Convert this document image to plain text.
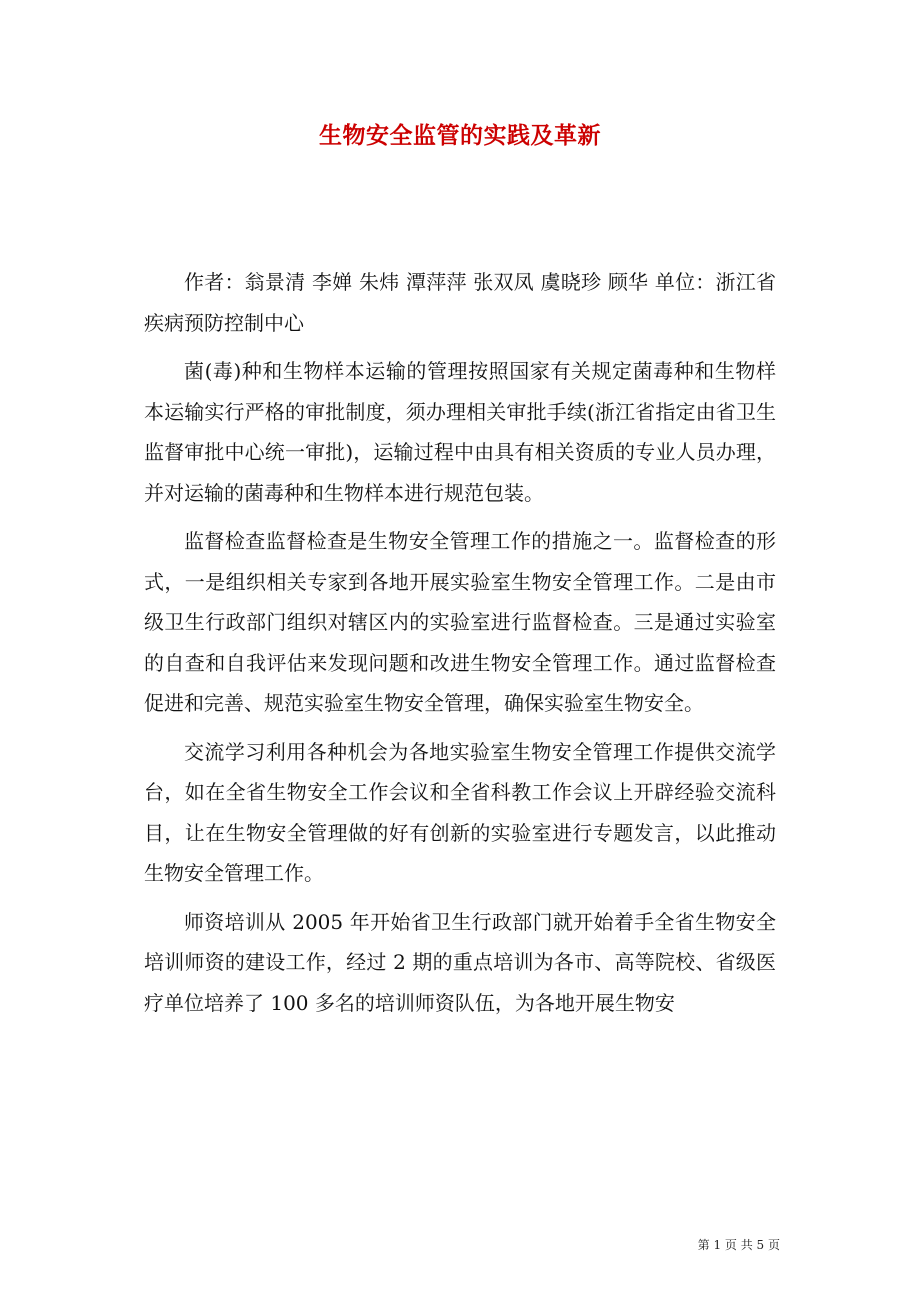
生物安全监管的实践及革新

作者：翁景清 李婵 朱炜 潭萍萍 张双凤 虞晓珍 顾华 单位：浙江省疾病预防控制中心

菌(毒)种和生物样本运输的管理按照国家有关规定菌毒种和生物样本运输实行严格的审批制度，须办理相关审批手续(浙江省指定由省卫生监督审批中心统一审批)，运输过程中由具有相关资质的专业人员办理，并对运输的菌毒种和生物样本进行规范包装。

监督检查监督检查是生物安全管理工作的措施之一。监督检查的形式，一是组织相关专家到各地开展实验室生物安全管理工作。二是由市级卫生行政部门组织对辖区内的实验室进行监督检查。三是通过实验室的自查和自我评估来发现问题和改进生物安全管理工作。通过监督检查促进和完善、规范实验室生物安全管理，确保实验室生物安全。

交流学习利用各种机会为各地实验室生物安全管理工作提供交流学台，如在全省生物安全工作会议和全省科教工作会议上开辟经验交流科目，让在生物安全管理做的好有创新的实验室进行专题发言，以此推动生物安全管理工作。

师资培训从 2005 年开始省卫生行政部门就开始着手全省生物安全培训师资的建设工作，经过 2 期的重点培训为各市、高等院校、省级医疗单位培养了 100 多名的培训师资队伍，为各地开展生物安

第 1 页 共 5 页
